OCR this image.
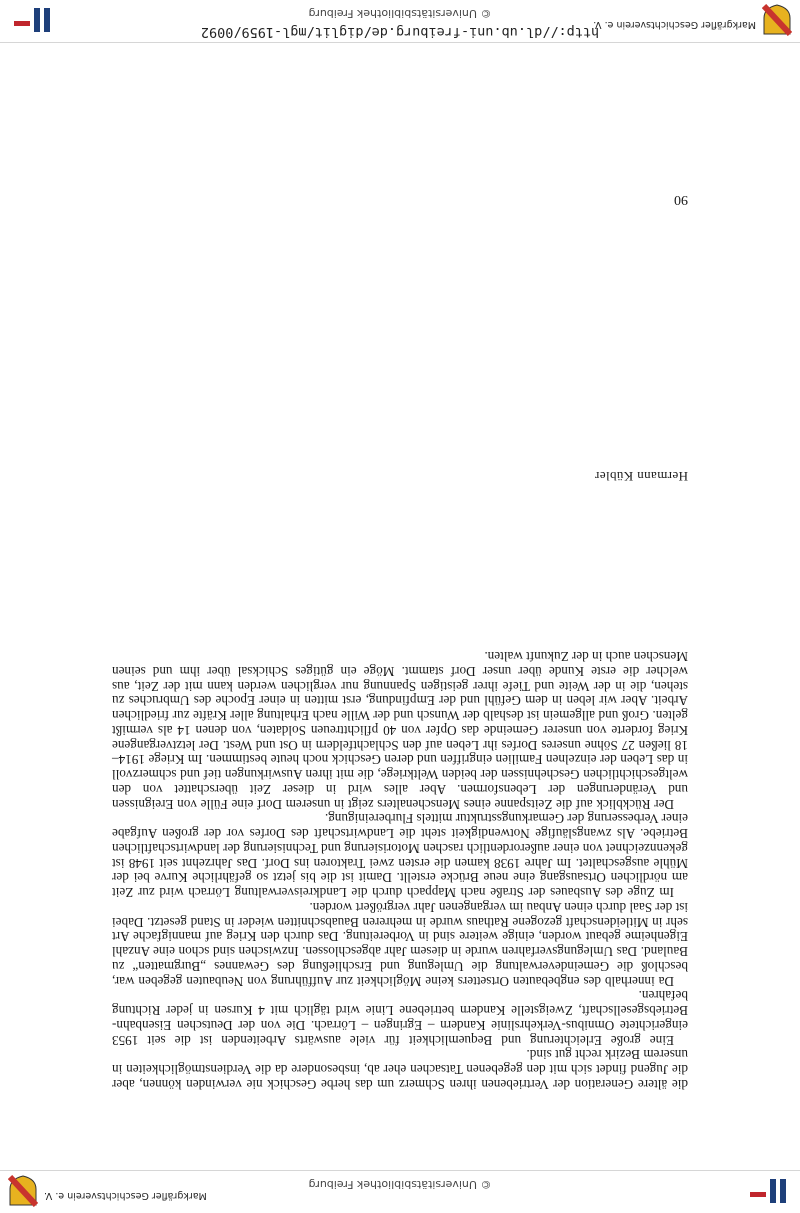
© Universitätsbibliothek Freiburg
Markgräfler Geschichtsverein e. V.
90

die ältere Generation der Vertriebenen ihren Schmerz um das herbe Geschick nie verwinden können, aber die Jugend findet sich mit den gegebenen Tatsachen eher ab, insbesondere da die Verdienstmöglichkeiten in unserem Bezirk recht gut sind.

Eine große Erleichterung und Bequemlichkeit für viele auswärts Arbeitenden ist die seit 1953 eingerichtete Omnibus-Verkehrslinie Kandern – Egringen – Lörrach. Die von der Deutschen Eisenbahn-Betriebsgesellschaft, Zweigstelle Kandern betriebene Linie wird täglich mit 4 Kursen in jeder Richtung befahren.

Da innerhalb des engbebauten Ortsetters keine Möglichkeit zur Aufführung von Neubauten gegeben war, beschloß die Gemeindeverwaltung die Umlegung und Erschließung des Gewannes „Burgmatten“ zu Bauland. Das Umlegungsverfahren wurde in diesem Jahr abgeschlossen. Inzwischen sind schon eine Anzahl Eigenheime gebaut worden, einige weitere sind in Vorbereitung. Das durch den Krieg auf mannigfache Art sehr in Mitleidenschaft gezogene Rathaus wurde in mehreren Bauabschnitten wieder in Stand gesetzt. Dabei ist der Saal durch einen Anbau im vergangenen Jahr vergrößert worden.

Im Zuge des Ausbaues der Straße nach Mappach durch die Landkreisverwaltung Lörrach wird zur Zeit am nördlichen Ortsausgang eine neue Brücke erstellt. Damit ist die bis jetzt so gefährliche Kurve bei der Mühle ausgeschaltet. Im Jahre 1938 kamen die ersten zwei Traktoren ins Dorf. Das Jahrzehnt seit 1948 ist gekennzeichnet von einer außerordentlich raschen Motorisierung und Technisierung der landwirtschaftlichen Betriebe. Als zwangsläufige Notwendigkeit steht die Landwirtschaft des Dorfes vor der großen Aufgabe einer Verbesserung der Gemarkungsstruktur mittels Flurbereinigung.

Der Rückblick auf die Zeitspanne eines Menschenalters zeigt in unserem Dorf eine Fülle von Ereignissen und Veränderungen der Lebensformen. Aber alles wird in dieser Zeit überschattet von den weltgeschichtlichen Geschehnissen der beiden Weltkriege, die mit ihren Auswirkungen tief und schmerzvoll in das Leben der einzelnen Familien eingriffen und deren Geschick noch heute bestimmen. Im Kriege 1914–18 ließen 27 Söhne unseres Dorfes ihr Leben auf den Schlachtfeldern in Ost und West. Der letztvergangene Krieg forderte von unserer Gemeinde das Opfer von 40 pflichttreuen Soldaten, von denen 14 als vermißt gelten. Groß und allgemein ist deshalb der Wunsch und der Wille nach Erhaltung aller Kräfte zur friedlichen Arbeit. Aber wir leben in dem Gefühl und der Empfindung, erst mitten in einer Epoche des Umbruches zu stehen, die in der Weite und Tiefe ihrer geistigen Spannung nur verglichen werden kann mit der Zeit, aus welcher die erste Kunde über unser Dorf stammt. Möge ein gütiges Schicksal über ihm und seinen Menschen auch in der Zukunft walten.

Hermann Kübler
http://dl.ub.uni-freiburg.de/diglit/mgl-1959/0092
© Universitätsbibliothek Freiburg
Markgräfler Geschichtsverein e. V.
